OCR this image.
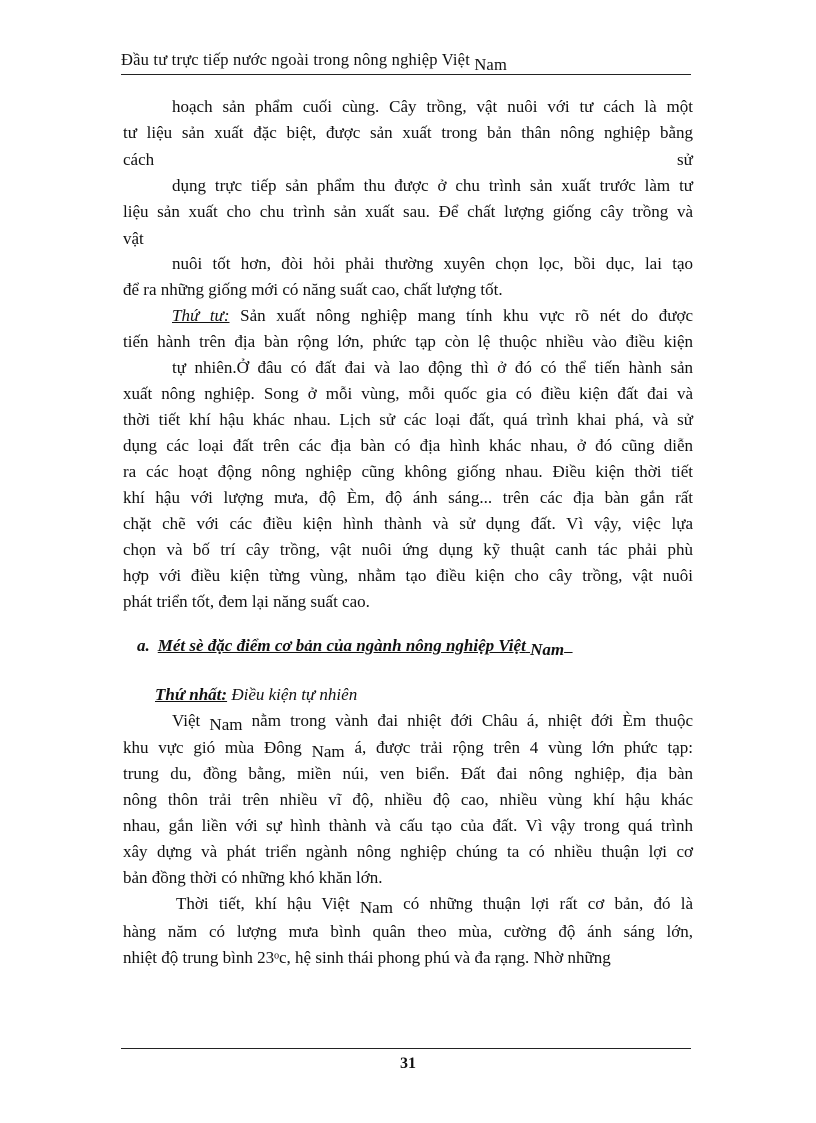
Đầu tư trực tiếp nước ngoài trong nông nghiệp Việt Nam
hoạch sản phẩm cuối cùng. Cây trồng, vật nuôi với tư cách là một
tư liệu sản xuất đặc biệt, được sản xuất trong bản thân nông nghiệp bằng
cách	sử
dụng trực tiếp sản phẩm thu được ở chu trình sản xuất trước làm tư
liệu sản xuất cho chu trình sản xuất sau. Để chất lượng giống cây trồng và
vật
nuôi tốt hơn, đòi hỏi phải thường xuyên chọn lọc, bồi dục, lai tạo
để ra những giống mới có năng suất cao, chất lượng tốt.
Thứ tư: Sản xuất nông nghiệp mang tính khu vực rõ nét do được
tiến hành trên địa bàn rộng lớn, phức tạp còn lệ thuộc nhiều vào điều kiện
tự nhiên.Ở đâu có đất đai và lao động thì ở đó có thể tiến hành sản
xuất nông nghiệp. Song ở mỗi vùng, mỗi quốc gia có điều kiện đất đai và
thời tiết khí hậu khác nhau. Lịch sử các loại đất, quá trình khai phá, và sử
dụng các loại đất trên các địa bàn có địa hình khác nhau, ở đó cũng diễn
ra các hoạt động nông nghiệp cũng không giống nhau. Điều kiện thời tiết
khí hậu với lượng mưa, độ Èm, độ ánh sáng... trên các địa bàn gắn rất
chặt chẽ với các điều kiện hình thành và sử dụng đất. Vì vậy, việc lựa
chọn và bố trí cây trồng, vật nuôi ứng dụng kỹ thuật canh tác phải phù
hợp với điều kiện từng vùng, nhằm tạo điều kiện cho cây trồng, vật nuôi
phát triển tốt, đem lại năng suất cao.
a. Mét sè đặc điểm cơ bản của ngành nông nghiệp Việt Nam
Thứ nhất: Điều kiện tự nhiên
Việt Nam nằm trong vành đai nhiệt đới Châu á, nhiệt đới Èm thuộc
khu vực gió mùa Đông Nam á, được trải rộng trên 4 vùng lớn phức tạp:
trung du, đồng bằng, miền núi, ven biển. Đất đai nông nghiệp, địa bàn
nông thôn trải trên nhiều vĩ độ, nhiều độ cao, nhiều vùng khí hậu khác
nhau, gắn liền với sự hình thành và cấu tạo của đất. Vì vậy trong quá trình
xây dựng và phát triển ngành nông nghiệp chúng ta có nhiều thuận lợi cơ
bản đồng thời có những khó khăn lớn.
Thời tiết, khí hậu Việt Nam có những thuận lợi rất cơ bản, đó là
hàng năm có lượng mưa bình quân theo mùa, cường độ ánh sáng lớn,
nhiệt độ trung bình 23ᵒc, hệ sinh thái phong phú và đa rạng. Nhờ những
31
